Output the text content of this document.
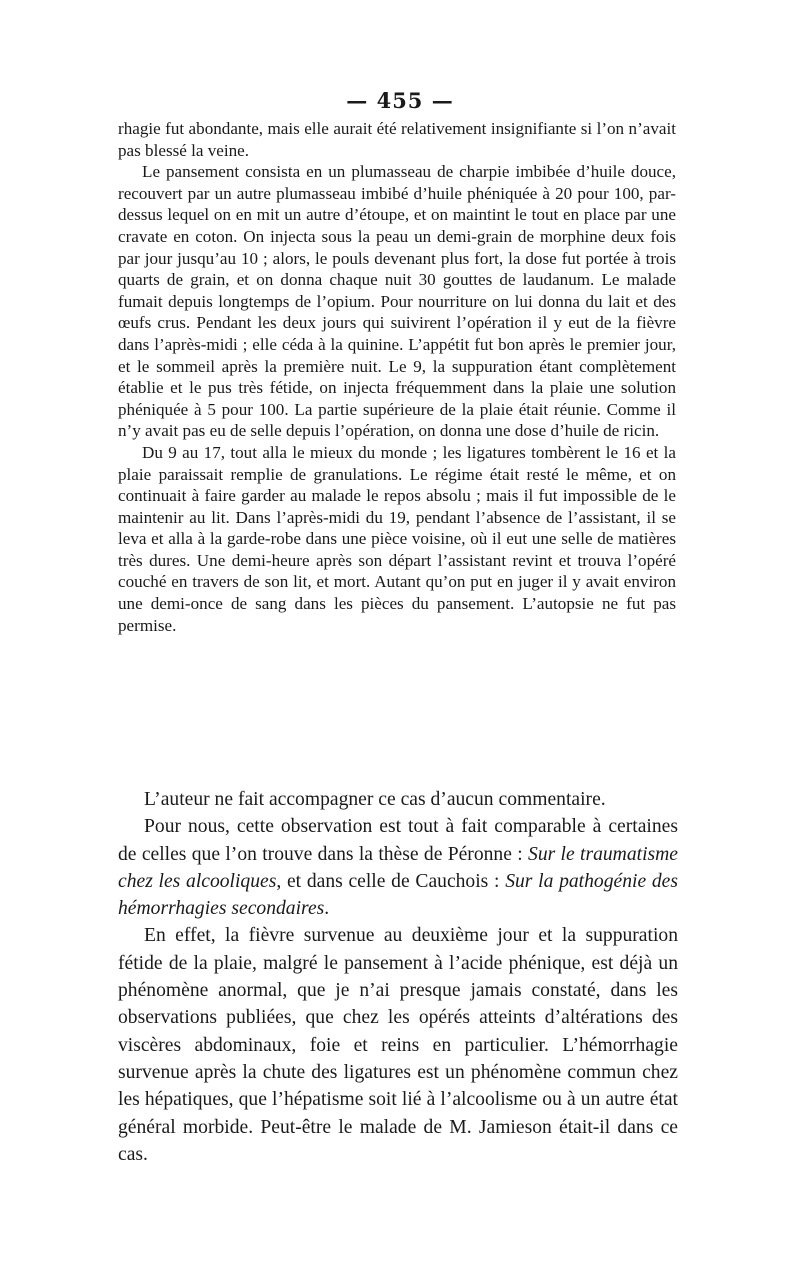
— 455 —

rhagie fut abondante, mais elle aurait été relativement insignifiante si l’on n’avait pas blessé la veine.

Le pansement consista en un plumasseau de charpie imbibée d’huile douce, recouvert par un autre plumasseau imbibé d’huile phéniquée à 20 pour 100, par-dessus lequel on en mit un autre d’étoupe, et on maintint le tout en place par une cravate en coton. On injecta sous la peau un demi-grain de morphine deux fois par jour jusqu’au 10 ; alors, le pouls devenant plus fort, la dose fut portée à trois quarts de grain, et on donna chaque nuit 30 gouttes de laudanum. Le malade fumait depuis longtemps de l’opium. Pour nourriture on lui donna du lait et des œufs crus. Pendant les deux jours qui suivirent l’opération il y eut de la fièvre dans l’après-midi ; elle céda à la quinine. L’appétit fut bon après le premier jour, et le sommeil après la première nuit. Le 9, la suppuration étant complètement établie et le pus très fétide, on injecta fréquemment dans la plaie une solution phéniquée à 5 pour 100. La partie supérieure de la plaie était réunie. Comme il n’y avait pas eu de selle depuis l’opération, on donna une dose d’huile de ricin.

Du 9 au 17, tout alla le mieux du monde ; les ligatures tombèrent le 16 et la plaie paraissait remplie de granulations. Le régime était resté le même, et on continuait à faire garder au malade le repos absolu ; mais il fut impossible de le maintenir au lit. Dans l’après-midi du 19, pendant l’absence de l’assistant, il se leva et alla à la garde-robe dans une pièce voisine, où il eut une selle de matières très dures. Une demi-heure après son départ l’assistant revint et trouva l’opéré couché en travers de son lit, et mort. Autant qu’on put en juger il y avait environ une demi-once de sang dans les pièces du pansement. L’autopsie ne fut pas permise.

L’auteur ne fait accompagner ce cas d’aucun commentaire.

Pour nous, cette observation est tout à fait comparable à certaines de celles que l’on trouve dans la thèse de Péronne : Sur le traumatisme chez les alcooliques, et dans celle de Cauchois : Sur la pathogénie des hémorrhagies secondaires.

En effet, la fièvre survenue au deuxième jour et la suppuration fétide de la plaie, malgré le pansement à l’acide phénique, est déjà un phénomène anormal, que je n’ai presque jamais constaté, dans les observations publiées, que chez les opérés atteints d’altérations des viscères abdominaux, foie et reins en particulier. L’hémorrhagie survenue après la chute des ligatures est un phénomène commun chez les hépatiques, que l’hépatisme soit lié à l’alcoolisme ou à un autre état général morbide. Peut-être le malade de M. Jamieson était-il dans ce cas.
